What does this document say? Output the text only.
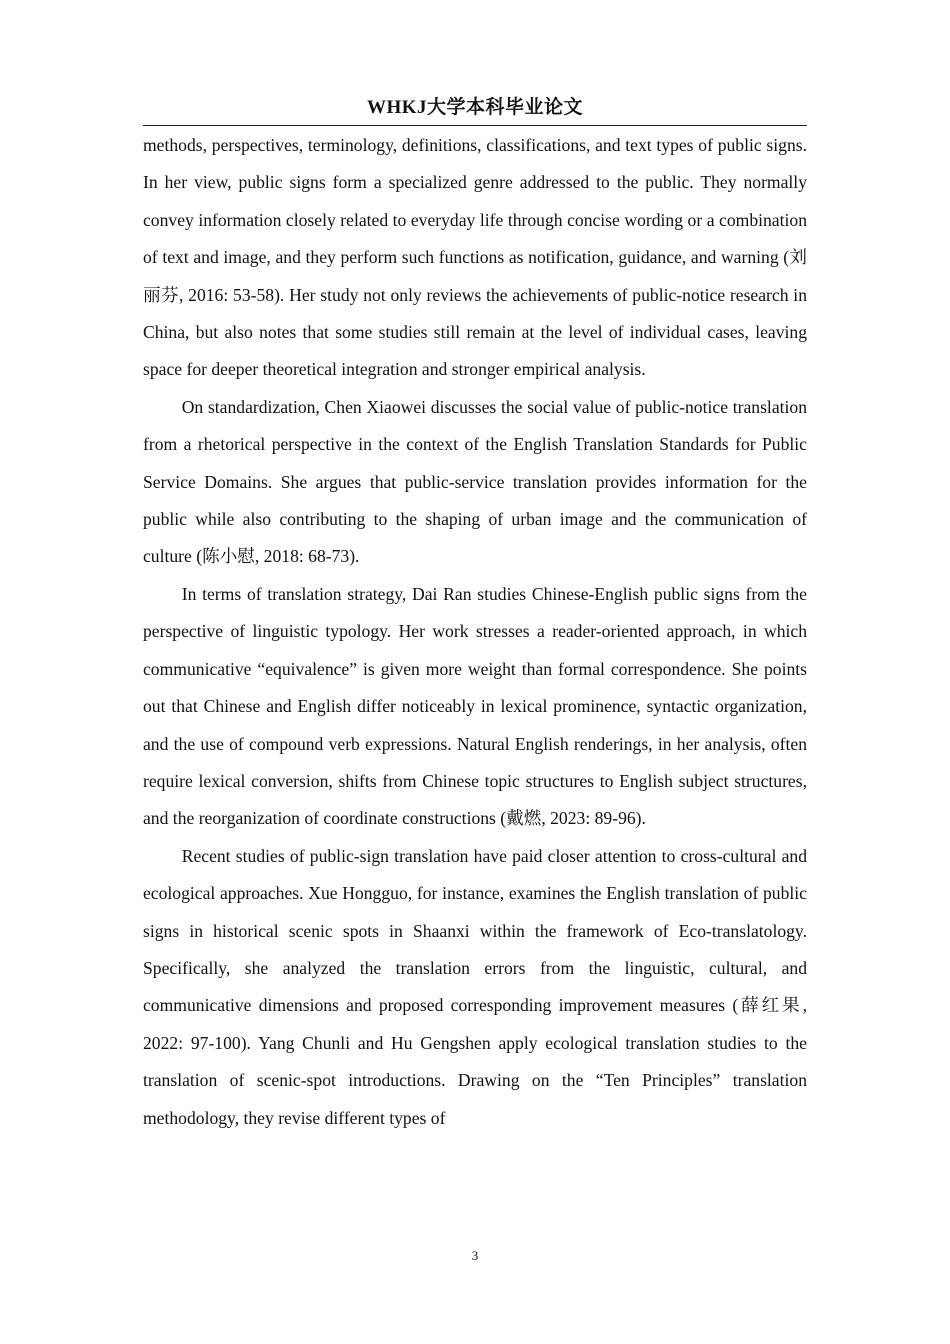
WHKJ大学本科毕业论文

methods, perspectives, terminology, definitions, classifications, and text types of public signs. In her view, public signs form a specialized genre addressed to the public. They normally convey information closely related to everyday life through concise wording or a combination of text and image, and they perform such functions as notification, guidance, and warning (刘丽芬, 2016: 53-58). Her study not only reviews the achievements of public-notice research in China, but also notes that some studies still remain at the level of individual cases, leaving space for deeper theoretical integration and stronger empirical analysis.

On standardization, Chen Xiaowei discusses the social value of public-notice translation from a rhetorical perspective in the context of the English Translation Standards for Public Service Domains. She argues that public-service translation provides information for the public while also contributing to the shaping of urban image and the communication of culture (陈小慰, 2018: 68-73).

In terms of translation strategy, Dai Ran studies Chinese-English public signs from the perspective of linguistic typology. Her work stresses a reader-oriented approach, in which communicative “equivalence” is given more weight than formal correspondence. She points out that Chinese and English differ noticeably in lexical prominence, syntactic organization, and the use of compound verb expressions. Natural English renderings, in her analysis, often require lexical conversion, shifts from Chinese topic structures to English subject structures, and the reorganization of coordinate constructions (戴燃, 2023: 89-96).

Recent studies of public-sign translation have paid closer attention to cross-cultural and ecological approaches. Xue Hongguo, for instance, examines the English translation of public signs in historical scenic spots in Shaanxi within the framework of Eco-translatology. Specifically, she analyzed the translation errors from the linguistic, cultural, and communicative dimensions and proposed corresponding improvement measures (薛红果, 2022: 97-100). Yang Chunli and Hu Gengshen apply ecological translation studies to the translation of scenic-spot introductions. Drawing on the “Ten Principles” translation methodology, they revise different types of

3
